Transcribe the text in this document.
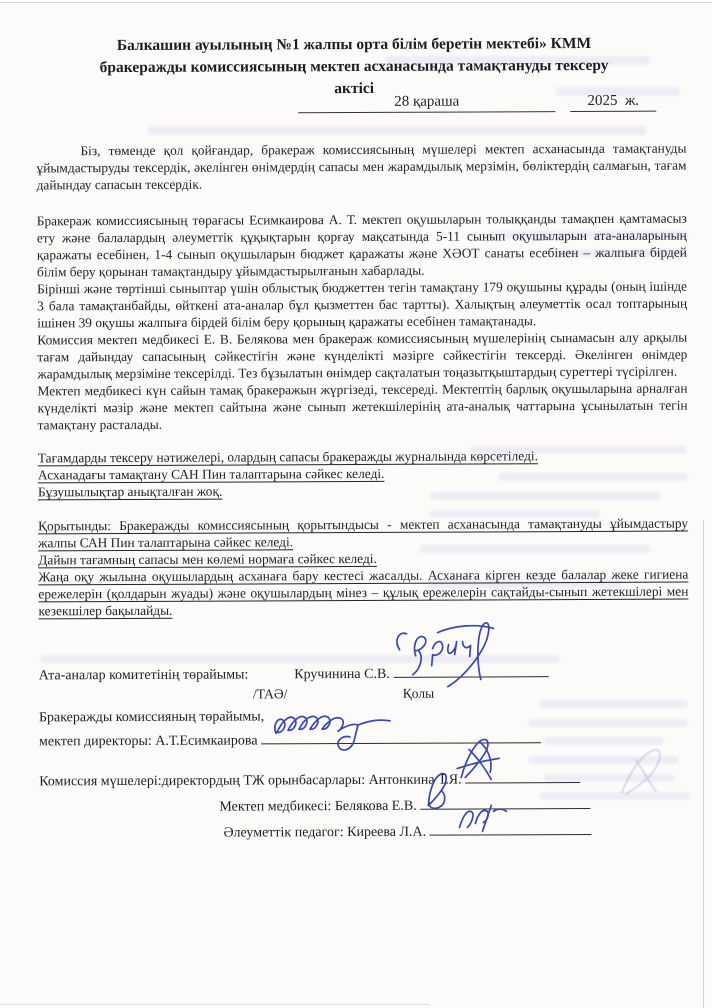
Балкашин ауылының №1 жалпы орта білім беретін мектебі» КММ
бракеражды комиссиясының мектеп асханасында тамақтануды тексеру
актісі
28 қараша	2025  ж.

Біз, төменде қол қойғандар, бракераж комиссиясының мүшелері мектеп асханасында тамақтануды ұйымдастыруды тексердік, әкелінген өнімдердің сапасы мен жарамдылық мерзімін, бөліктердің салмағын, тағам дайындау сапасын тексердік.

Бракераж комиссиясының төрағасы Есимкаирова А. Т. мектеп оқушыларын толыққанды тамақпен қамтамасыз ету және балалардың әлеуметтік құқықтарын қорғау мақсатында 5-11 сынып оқушыларын ата-аналарының қаражаты есебінен, 1-4 сынып оқушыларын бюджет қаражаты және ХӘОТ санаты есебінен – жалпыға бірдей білім беру қорынан тамақтандыру ұйымдастырылғанын хабарлады.

Бірінші және төртінші сыныптар үшін облыстық бюджеттен тегін тамақтану 179 оқушыны құрады (оның ішінде 3 бала тамақтанбайды, өйткені ата-аналар бұл қызметтен бас тартты). Халықтың әлеуметтік осал топтарының ішінен 39 оқушы жалпыға бірдей білім беру қорының қаражаты есебінен тамақтанады.

Комиссия мектеп медбикесі Е. В. Белякова мен бракераж комиссиясының мүшелерінің сынамасын алу арқылы тағам дайындау сапасының сәйкестігін және күнделікті мәзірге сәйкестігін тексерді. Әкелінген өнімдер жарамдылық мерзіміне тексерілді. Тез бұзылатын өнімдер сақталатын тоңазытқыштардың суреттері түсірілген.

Мектеп медбикесі күн сайын тамақ бракеражын жүргізеді, тексереді. Мектептің барлық оқушыларына арналған күнделікті мәзір және мектеп сайтына және сынып жетекшілерінің ата-аналық чаттарына ұсынылатын тегін тамақтану расталады.

Тағамдарды тексеру нәтижелері, олардың сапасы бракеражды журналында көрсетіледі.

Асханадағы тамақтану САН Пин талаптарына сәйкес келеді.

Бұзушылықтар анықталған жоқ.

Қорытынды: Бракеражды комиссиясының қорытындысы - мектеп асханасында тамақтануды ұйымдастыру жалпы САН Пин талаптарына сәйкес келеді.

Дайын тағамның сапасы мен көлемі нормаға сәйкес келеді.

Жаңа оқу жылына оқушылардың асханаға бару кестесі жасалды. Асханаға кірген кезде балалар жеке гигиена ережелерін (қолдарын жуады) және оқушылардың мінез – құлық ережелерін сақтайды-сынып жетекшілері мен кезекшілер бақылайды.

Ата-аналар комитетінің төрайымы:	Кручинина С.В.
/ТАӘ/	Қолы
Бракеражды комиссияның төрайымы,
мектеп директоры: А.Т.Есимкаирова
Комиссия мүшелері:директордың ТЖ орынбасарлары: Антонкина Т.Я.
Мектеп медбикесі: Белякова Е.В.
Әлеуметтік педагог: Киреева Л.А.
